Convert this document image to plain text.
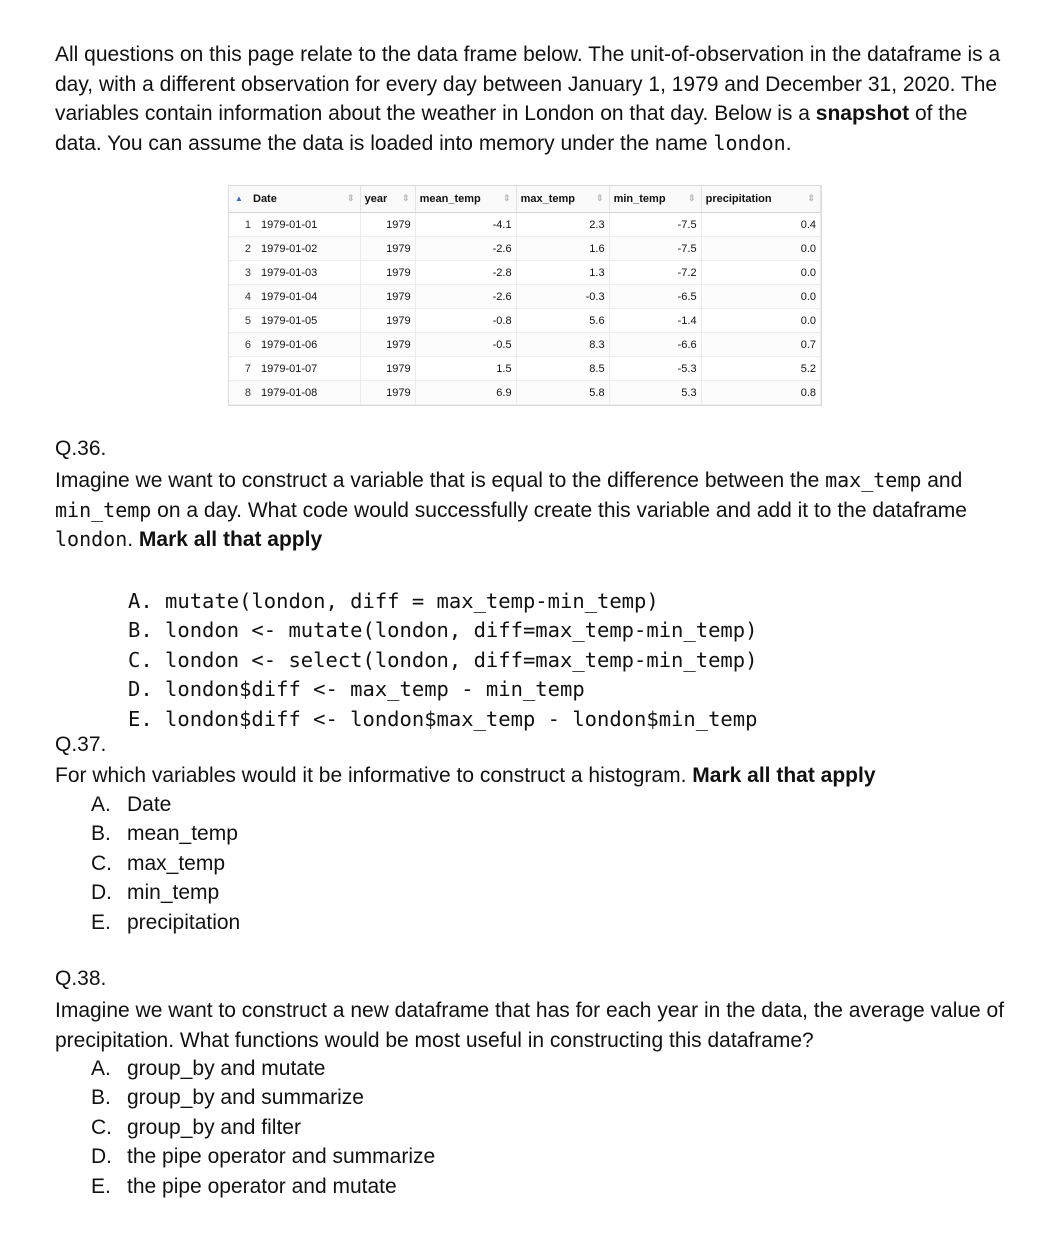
All questions on this page relate to the data frame below. The unit-of-observation in the dataframe is a day, with a different observation for every day between January 1, 1979 and December 31, 2020. The variables contain information about the weather in London on that day. Below is a snapshot of the data. You can assume the data is loaded into memory under the name london.
▲ Date ⇕		year ⇕	mean_temp ⇕	max_temp ⇕	min_temp ⇕	precipitation ⇕

1	1979-01-01	1979	-4.1	2.3	-7.5	0.4
2	1979-01-02	1979	-2.6	1.6	-7.5	0.0
3	1979-01-03	1979	-2.8	1.3	-7.2	0.0
4	1979-01-04	1979	-2.6	-0.3	-6.5	0.0
5	1979-01-05	1979	-0.8	5.6	-1.4	0.0
6	1979-01-06	1979	-0.5	8.3	-6.6	0.7
7	1979-01-07	1979	1.5	8.5	-5.3	5.2
8	1979-01-08	1979	6.9	5.8	5.3	0.8
Q.36.
Imagine we want to construct a variable that is equal to the difference between the max_temp and min_temp on a day. What code would successfully create this variable and add it to the dataframe london. Mark all that apply

A. mutate(london, diff = max_temp-min_temp)
B. london <- mutate(london, diff=max_temp-min_temp)
C. london <- select(london, diff=max_temp-min_temp)
D. london$diff <- max_temp - min_temp
E. london$diff <- london$max_temp - london$min_temp

Q.37.
For which variables would it be informative to construct a histogram. Mark all that apply
A. Date
B. mean_temp
C. max_temp
D. min_temp
E. precipitation
Q.38.
Imagine we want to construct a new dataframe that has for each year in the data, the average value of precipitation. What functions would be most useful in constructing this dataframe?
A. group_by and mutate
B. group_by and summarize
C. group_by and filter
D. the pipe operator and summarize
E. the pipe operator and mutate
